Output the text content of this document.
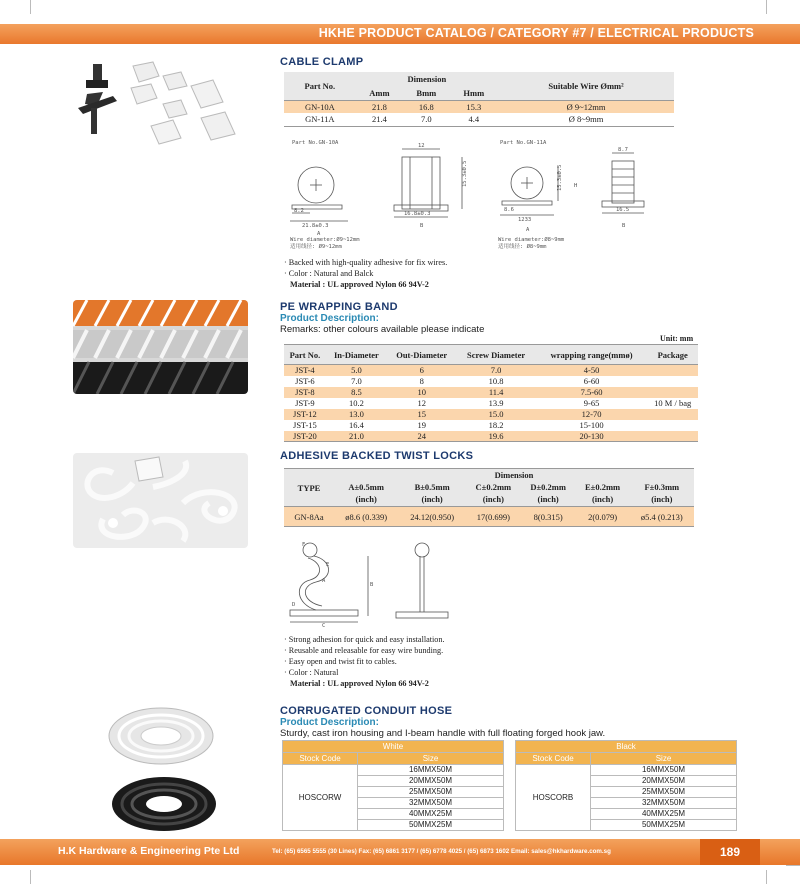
HKHE PRODUCT CATALOG / CATEGORY #7 / ELECTRICAL PRODUCTS
CABLE CLAMP
Part No.	Dimension			Suitable Wire Ømm²
	Amm	Bmm	Hmm	
GN-10A	21.8	16.8	15.3	Ø 9~12mm
GN-11A	21.4	7.0	4.4	Ø 8~9mm
Part No.GN-10A	Part No.GN-11A
8.2
21.8±0.3
A
Wire diameter:Ø9~12mm
适用线径: Ø9~12mm
12
16.8±0.3
B
15.3±0.5
8.6
1233
A
Wire diameter:Ø8~9mm
适用线径: Ø8~9mm
15.3±0.5 H
8.7
16.5
B
· Backed with high-quality adhesive for fix wires.
· Color : Natural and Balck
Material : UL approved Nylon 66 94V-2
PE WRAPPING BAND
Product Description:
Remarks: other colours available please indicate
Unit: mm
Part No.	In-Diameter	Out-Diameter	Screw Diameter	wrapping range(mmø)	Package
JST-4	5.0	6	7.0	4-50	
JST-6	7.0	8	10.8	6-60	
JST-8	8.5	10	11.4	7.5-60	
JST-9	10.2	12	13.9	9-65	10 M / bag
JST-12	13.0	15	15.0	12-70	
JST-15	16.4	19	18.2	15-100	
JST-20	21.0	24	19.6	20-130	
ADHESIVE BACKED TWIST LOCKS
TYPE	Dimension					
	A±0.5mm	B±0.5mm	C±0.2mm	D±0.2mm	E±0.2mm	F±0.3mm
	(inch)	(inch)	(inch)	(inch)	(inch)	(inch)
GN-8Aa	ø8.6 (0.339)	24.12(0.950)	17(0.699)	8(0.315)	2(0.079)	ø5.4 (0.213)
C
B
F
E
A
D
· Strong adhesion for quick and easy installation.
· Reusable and releasable for easy wire bunding.
· Easy open and twist fit to cables.
· Color : Natural
Material : UL approved Nylon 66 94V-2
CORRUGATED CONDUIT HOSE
Product Description:
Sturdy, cast iron housing and I-beam handle with full floating forged hook jaw.
White	
Stock Code	Size
HOSCORW	16MMX50M
	20MMX50M
	25MMX50M
	32MMX50M
	40MMX25M
	50MMX25M
Black	
Stock Code	Size
HOSCORB	16MMX50M
	20MMX50M
	25MMX50M
	32MMX50M
	40MMX25M
	50MMX25M
H.K Hardware & Engineering Pte Ltd	Tel: (65) 6565 5555 (30 Lines) Fax: (65) 6861 3177 / (65) 6778 4025 / (65) 6873 1602 Email: sales@hkhardware.com.sg	189
